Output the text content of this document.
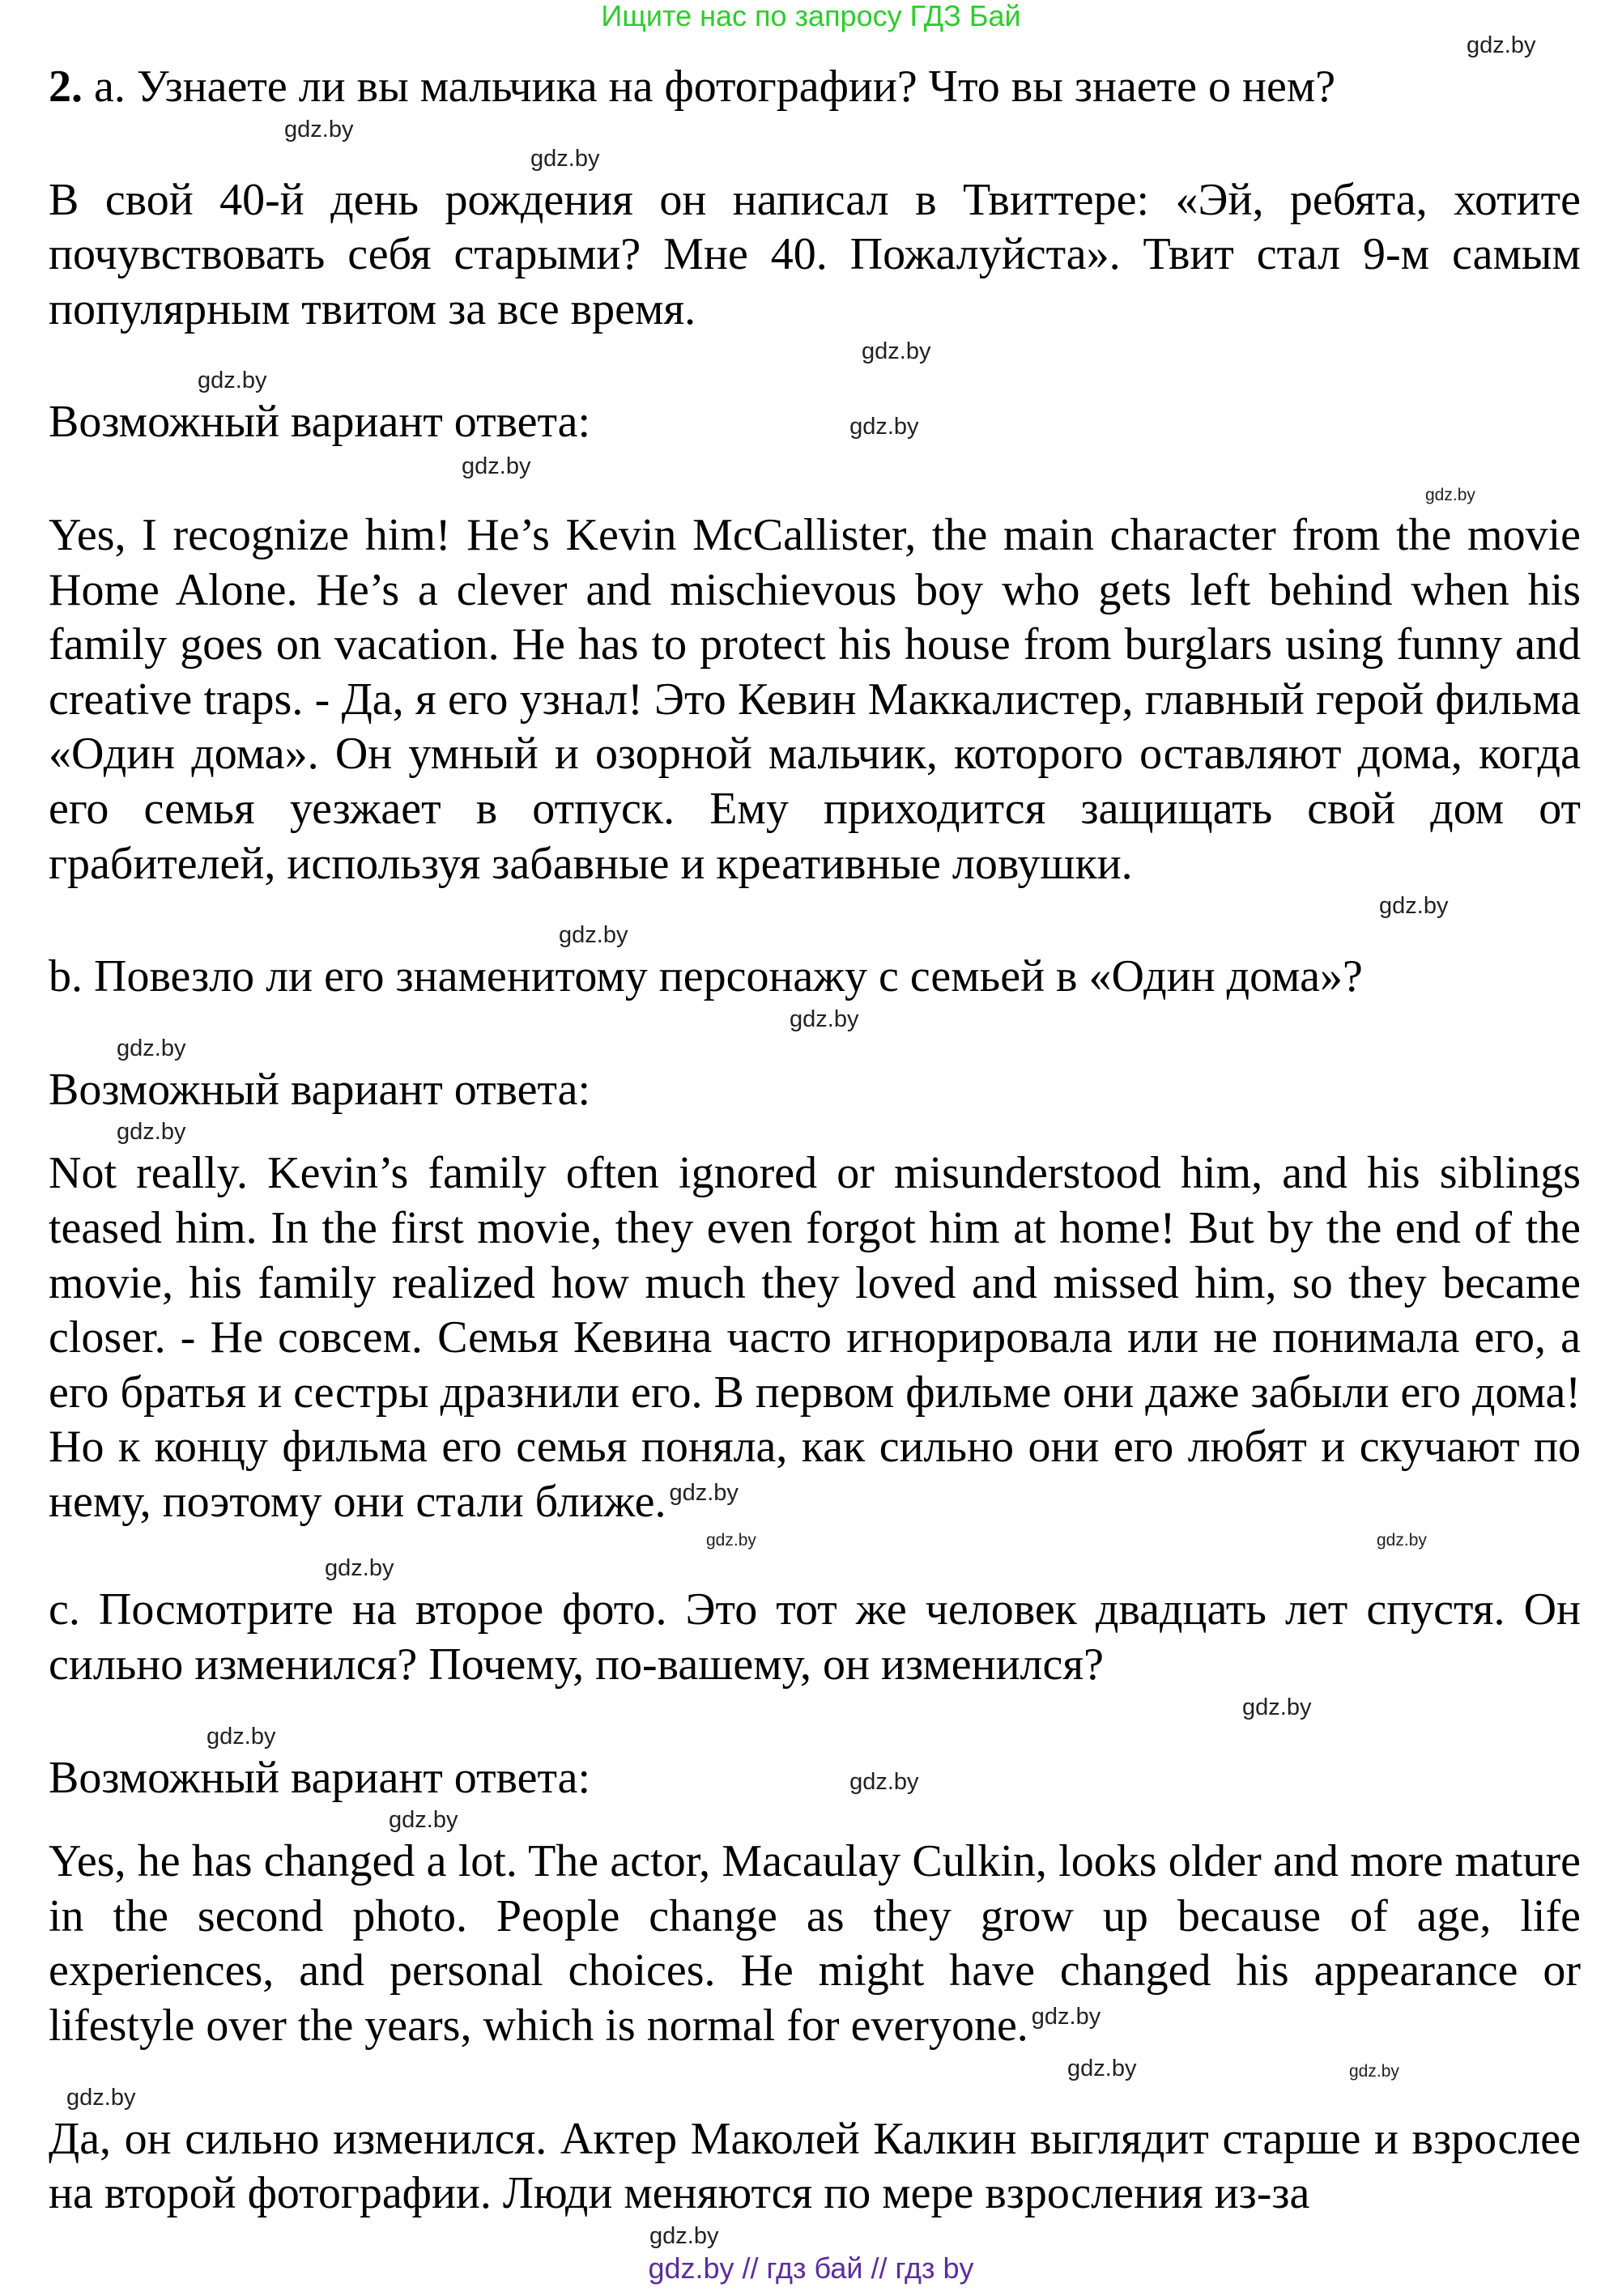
Ищите нас по запросу ГДЗ Бай
gdz.by

2. a. Узнаете ли вы мальчика на фотографии? Что вы знаете о нем?

gdz.by
gdz.by

В свой 40-й день рождения он написал в Твиттере: «Эй, ребята, хотите почувствовать себя старыми? Мне 40. Пожалуйста». Твит стал 9-м самым популярным твитом за все время.

gdz.by
gdz.by

Возможный вариант ответа:	gdz.by

gdz.by
gdz.by

Yes, I recognize him! He’s Kevin McCallister, the main character from the movie Home Alone. He’s a clever and mischievous boy who gets left behind when his family goes on vacation. He has to protect his house from burglars using funny and creative traps. - Да, я его узнал! Это Кевин Маккалистер, главный герой фильма «Один дома». Он умный и озорной мальчик, которого оставляют дома, когда его семья уезжает в отпуск. Ему приходится защищать свой дом от грабителей, используя забавные и креативные ловушки.

gdz.by
gdz.by

b. Повезло ли его знаменитому персонажу с семьей в «Один дома»?

gdz.by
gdz.by

Возможный вариант ответа:

gdz.by

Not really. Kevin’s family often ignored or misunderstood him, and his siblings teased him. In the first movie, they even forgot him at home! But by the end of the movie, his family realized how much they loved and missed him, so they became closer. - Не совсем. Семья Кевина часто игнорировала или не понимала его, а его братья и сестры дразнили его. В первом фильме они даже забыли его дома! Но к концу фильма его семья поняла, как сильно они его любят и скучают по нему, поэтому они стали ближе. gdz.by

gdz.by	gdz.by
gdz.by

c. Посмотрите на второе фото. Это тот же человек двадцать лет спустя. Он сильно изменился? Почему, по-вашему, он изменился?

gdz.by
gdz.by

Возможный вариант ответа:	gdz.by

gdz.by

Yes, he has changed a lot. The actor, Macaulay Culkin, looks older and more mature in the second photo. People change as they grow up because of age, life experiences, and personal choices. He might have changed his appearance or lifestyle over the years, which is normal for everyone. gdz.by

gdz.by	gdz.by
gdz.by

Да, он сильно изменился. Актер Маколей Калкин выглядит старше и взрослее на второй фотографии. Люди меняются по мере взросления из-за

gdz.by
gdz.by // гдз бай // гдз by
